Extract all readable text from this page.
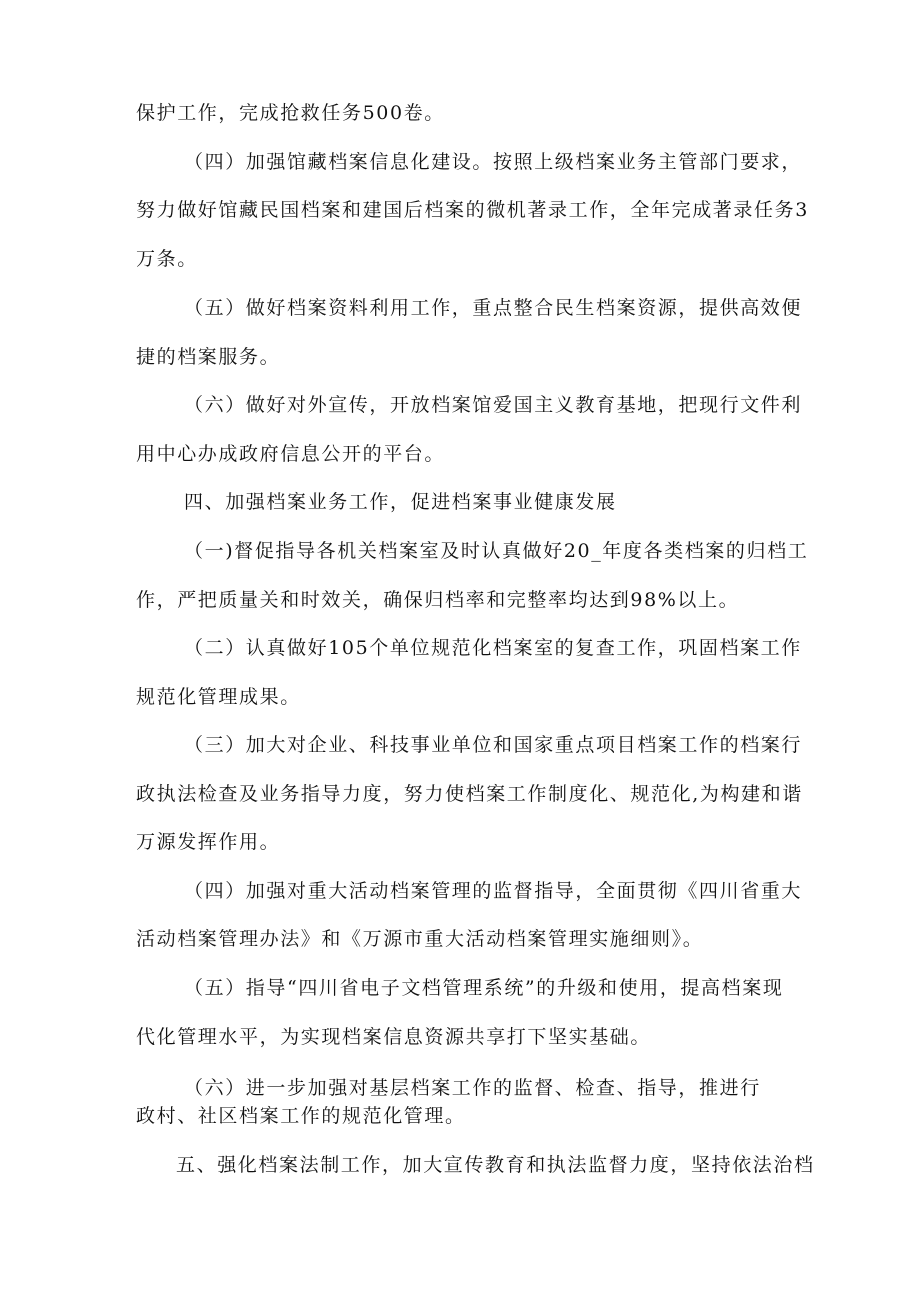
保护工作，完成抢救任务500卷。
（四）加强馆藏档案信息化建设。按照上级档案业务主管部门要求，
努力做好馆藏民国档案和建国后档案的微机著录工作，全年完成著录任务3
万条。
（五）做好档案资料利用工作，重点整合民生档案资源，提供高效便
捷的档案服务。
（六）做好对外宣传，开放档案馆爱国主义教育基地，把现行文件利
用中心办成政府信息公开的平台。
四、加强档案业务工作，促进档案事业健康发展
（一)督促指导各机关档案室及时认真做好20_年度各类档案的归档工
作，严把质量关和时效关，确保归档率和完整率均达到98%以上。
（二）认真做好105个单位规范化档案室的复查工作，巩固档案工作
规范化管理成果。
（三）加大对企业、科技事业单位和国家重点项目档案工作的档案行
政执法检查及业务指导力度，努力使档案工作制度化、规范化,为构建和谐
万源发挥作用。
（四）加强对重大活动档案管理的监督指导，全面贯彻《四川省重大
活动档案管理办法》和《万源市重大活动档案管理实施细则》。
（五）指导“四川省电子文档管理系统”的升级和使用，提高档案现
代化管理水平，为实现档案信息资源共享打下坚实基础。
（六）进一步加强对基层档案工作的监督、检查、指导，推进行
政村、社区档案工作的规范化管理。
五、强化档案法制工作，加大宣传教育和执法监督力度，坚持依法治档
